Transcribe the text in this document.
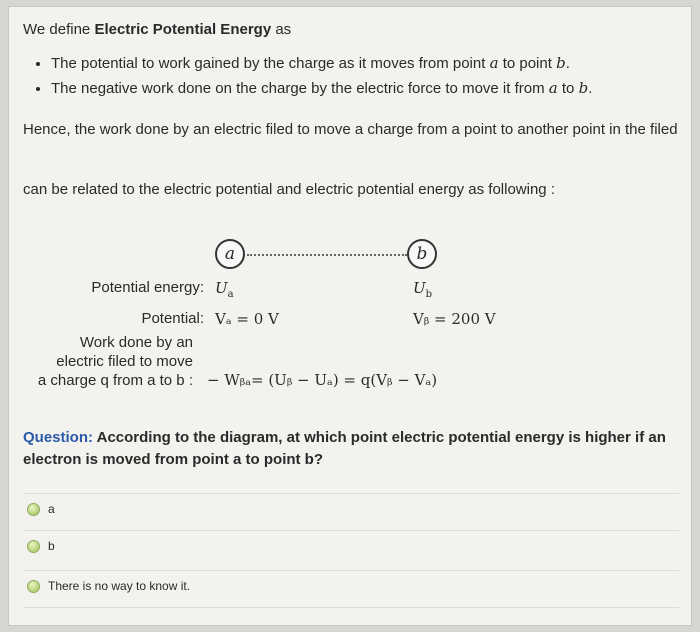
We define Electric Potential Energy as
• The potential to work gained by the charge as it moves from point a to point b.
• The negative work done on the charge by the electric force to move it from a to b.
Hence, the work done by an electric filed to move a charge from a point to another point in the filed
can be related to the electric potential and electric potential energy as following :
a	b
Potential energy: $U_a$	$U_b$
Potential: Vₐ = 0 V	Vᵦ = 200 V
Work done by an
electric filed to move
a charge q from a to b : − Wᵦₐ= (Uᵦ − Uₐ) = q(Vᵦ − Vₐ)
Question: According to the diagram, at which point electric potential energy is higher if an electron is moved from point a to point b?
a
b
There is no way to know it.
